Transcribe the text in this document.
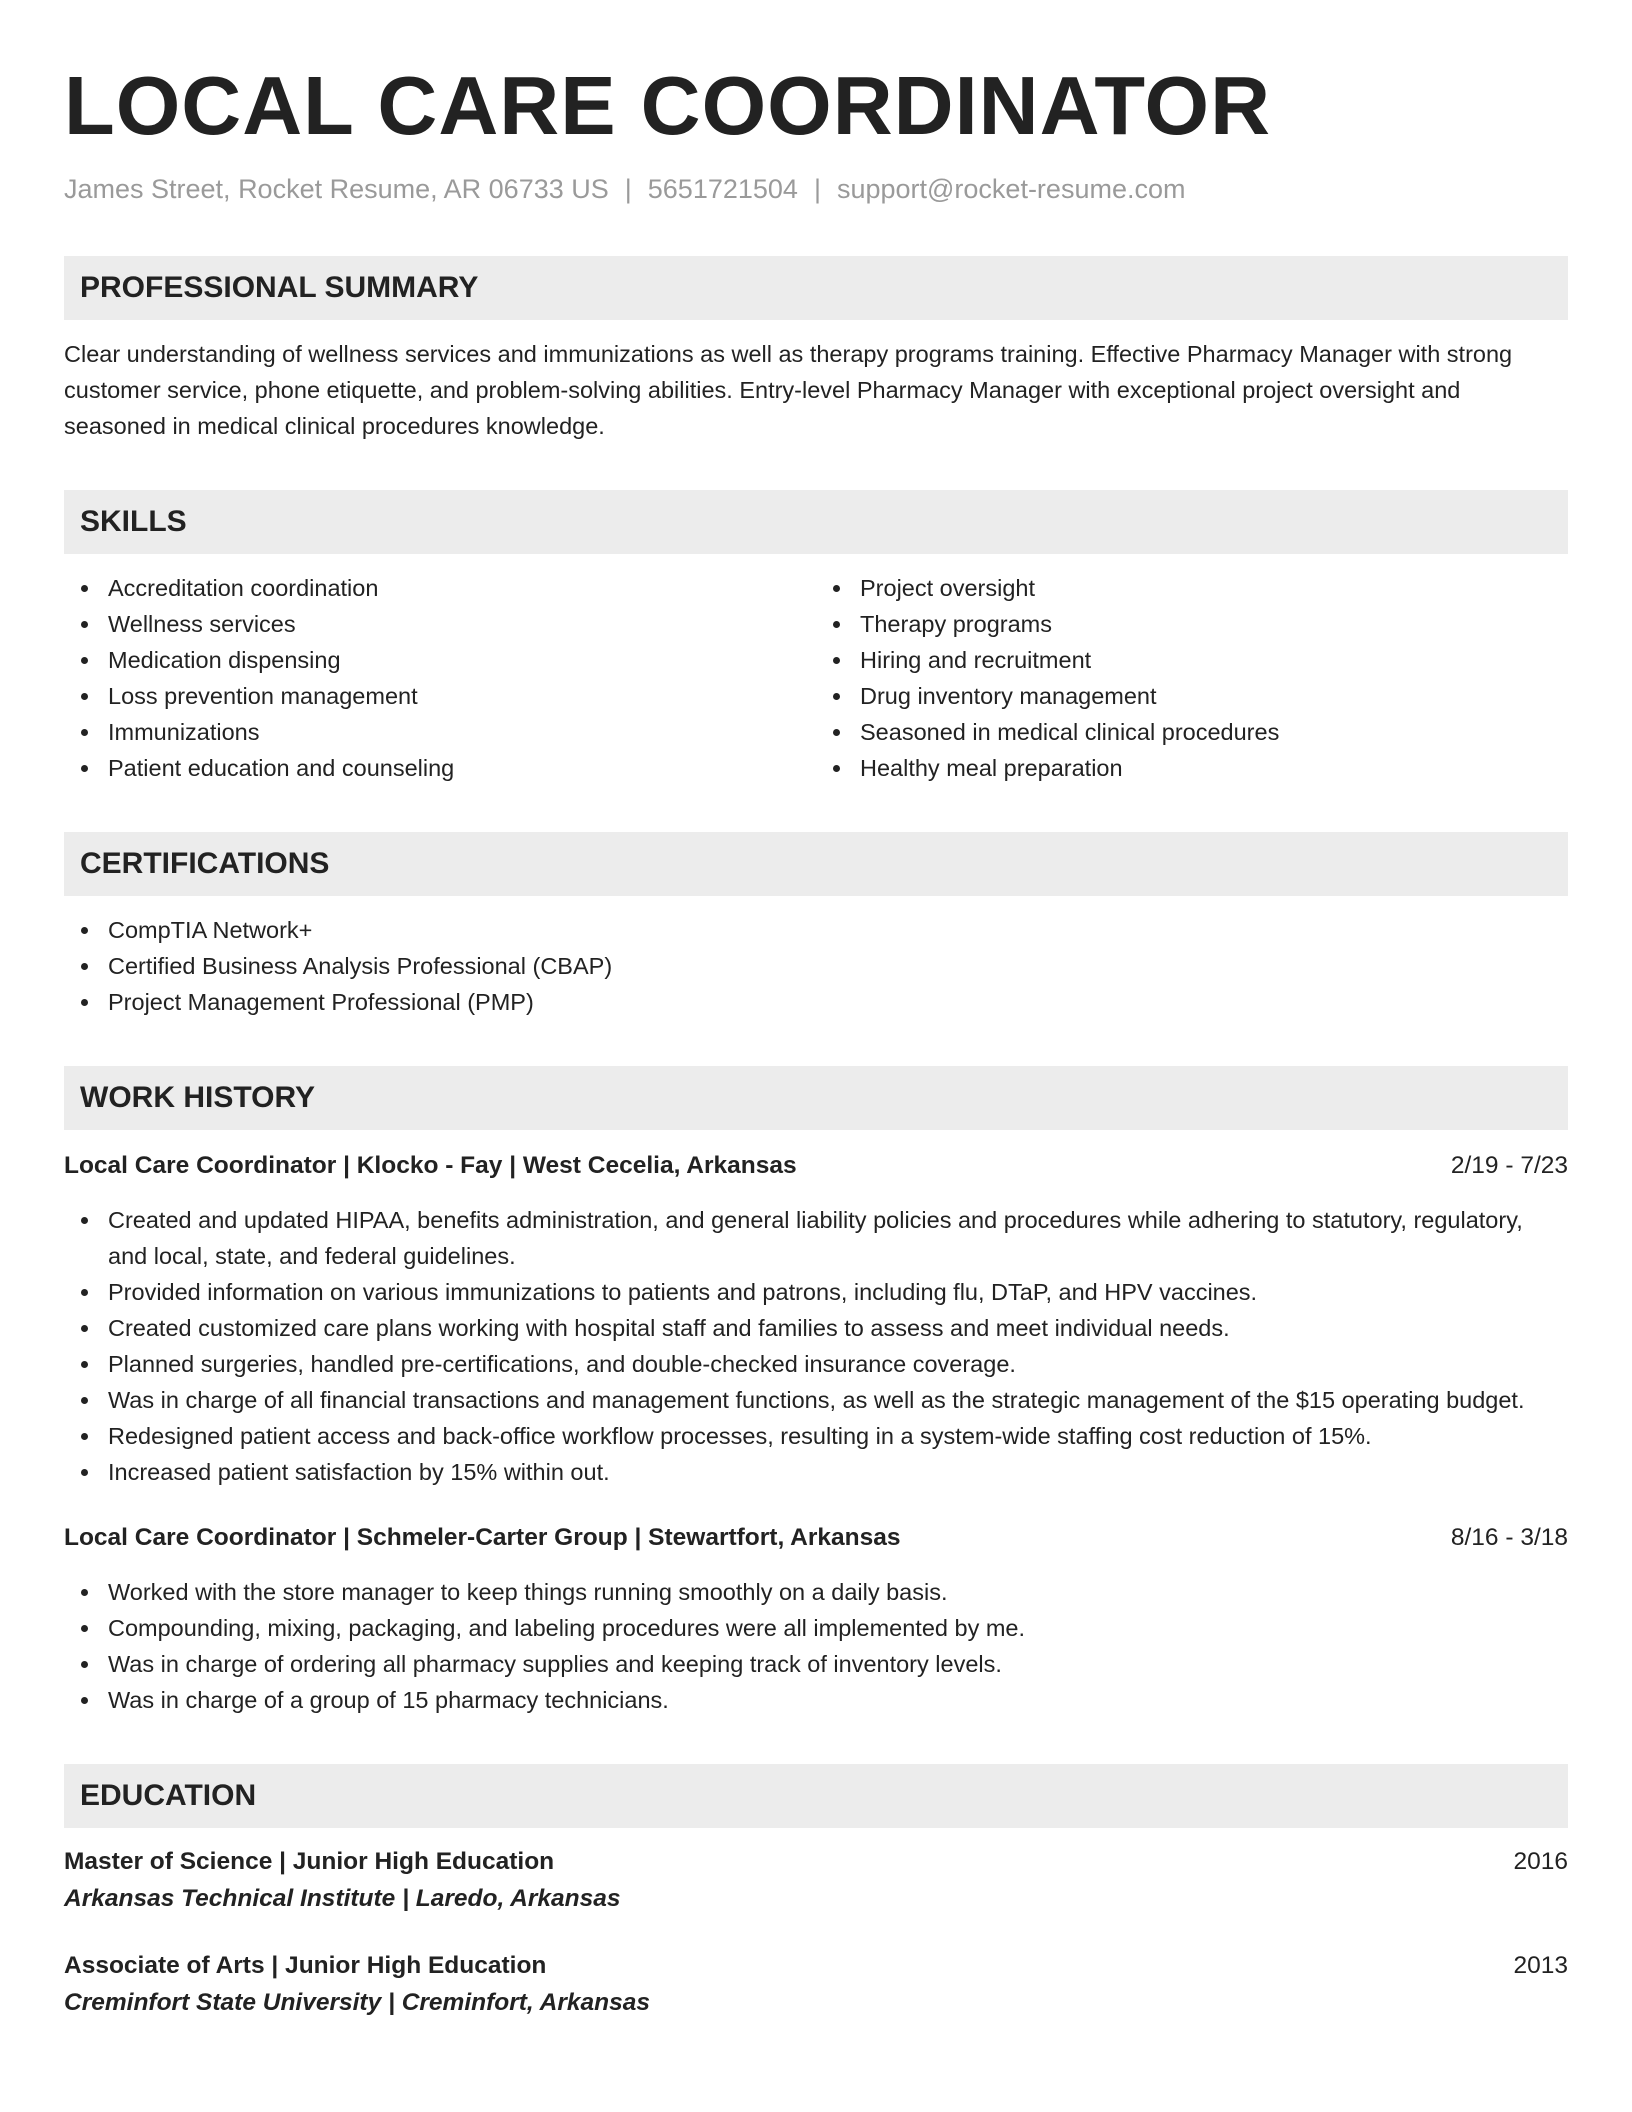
LOCAL CARE COORDINATOR
James Street, Rocket Resume, AR 06733 US | 5651721504 | support@rocket-resume.com
PROFESSIONAL SUMMARY

Clear understanding of wellness services and immunizations as well as therapy programs training. Effective Pharmacy Manager with strong customer service, phone etiquette, and problem-solving abilities. Entry-level Pharmacy Manager with exceptional project oversight and seasoned in medical clinical procedures knowledge.

SKILLS
Accreditation coordination
Wellness services
Medication dispensing
Loss prevention management
Immunizations
Patient education and counseling
Project oversight
Therapy programs
Hiring and recruitment
Drug inventory management
Seasoned in medical clinical procedures
Healthy meal preparation
CERTIFICATIONS
CompTIA Network+
Certified Business Analysis Professional (CBAP)
Project Management Professional (PMP)
WORK HISTORY
Local Care Coordinator | Klocko - Fay | West Cecelia, Arkansas	2/19 - 7/23
Created and updated HIPAA, benefits administration, and general liability policies and procedures while adhering to statutory, regulatory, and local, state, and federal guidelines.
Provided information on various immunizations to patients and patrons, including flu, DTaP, and HPV vaccines.
Created customized care plans working with hospital staff and families to assess and meet individual needs.
Planned surgeries, handled pre-certifications, and double-checked insurance coverage.
Was in charge of all financial transactions and management functions, as well as the strategic management of the $15 operating budget.
Redesigned patient access and back-office workflow processes, resulting in a system-wide staffing cost reduction of 15%.
Increased patient satisfaction by 15% within out.
Local Care Coordinator | Schmeler-Carter Group | Stewartfort, Arkansas	8/16 - 3/18
Worked with the store manager to keep things running smoothly on a daily basis.
Compounding, mixing, packaging, and labeling procedures were all implemented by me.
Was in charge of ordering all pharmacy supplies and keeping track of inventory levels.
Was in charge of a group of 15 pharmacy technicians.
EDUCATION
Master of Science | Junior High Education	2016
Arkansas Technical Institute | Laredo, Arkansas
Associate of Arts | Junior High Education	2013
Creminfort State University | Creminfort, Arkansas
